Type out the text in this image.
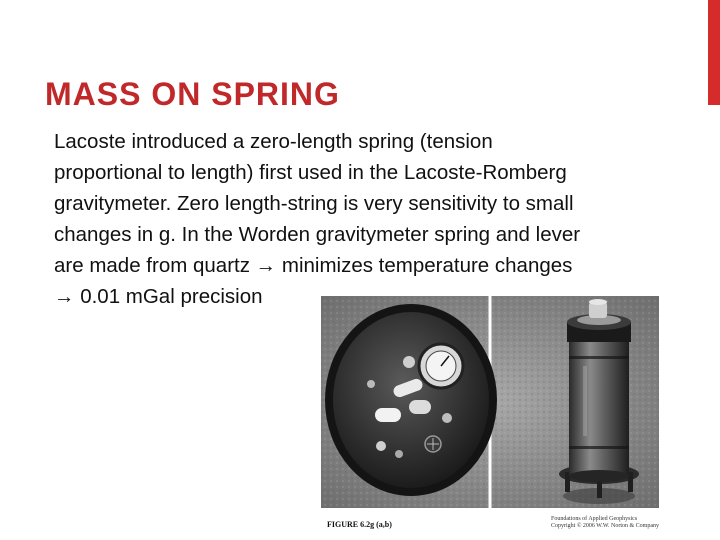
MASS ON SPRING
Lacoste introduced a zero-length spring (tension
proportional to length) first used in the Lacoste-Romberg
gravitymeter. Zero length-string is very sensitivity to small
changes in g. In the Worden gravitymeter spring and lever
are made from quartz → minimizes temperature changes
→ 0.01 mGal precision
FIGURE 6.2g (a,b)
Foundations of Applied Geophysics
Copyright © 2006 W.W. Norton & Company
